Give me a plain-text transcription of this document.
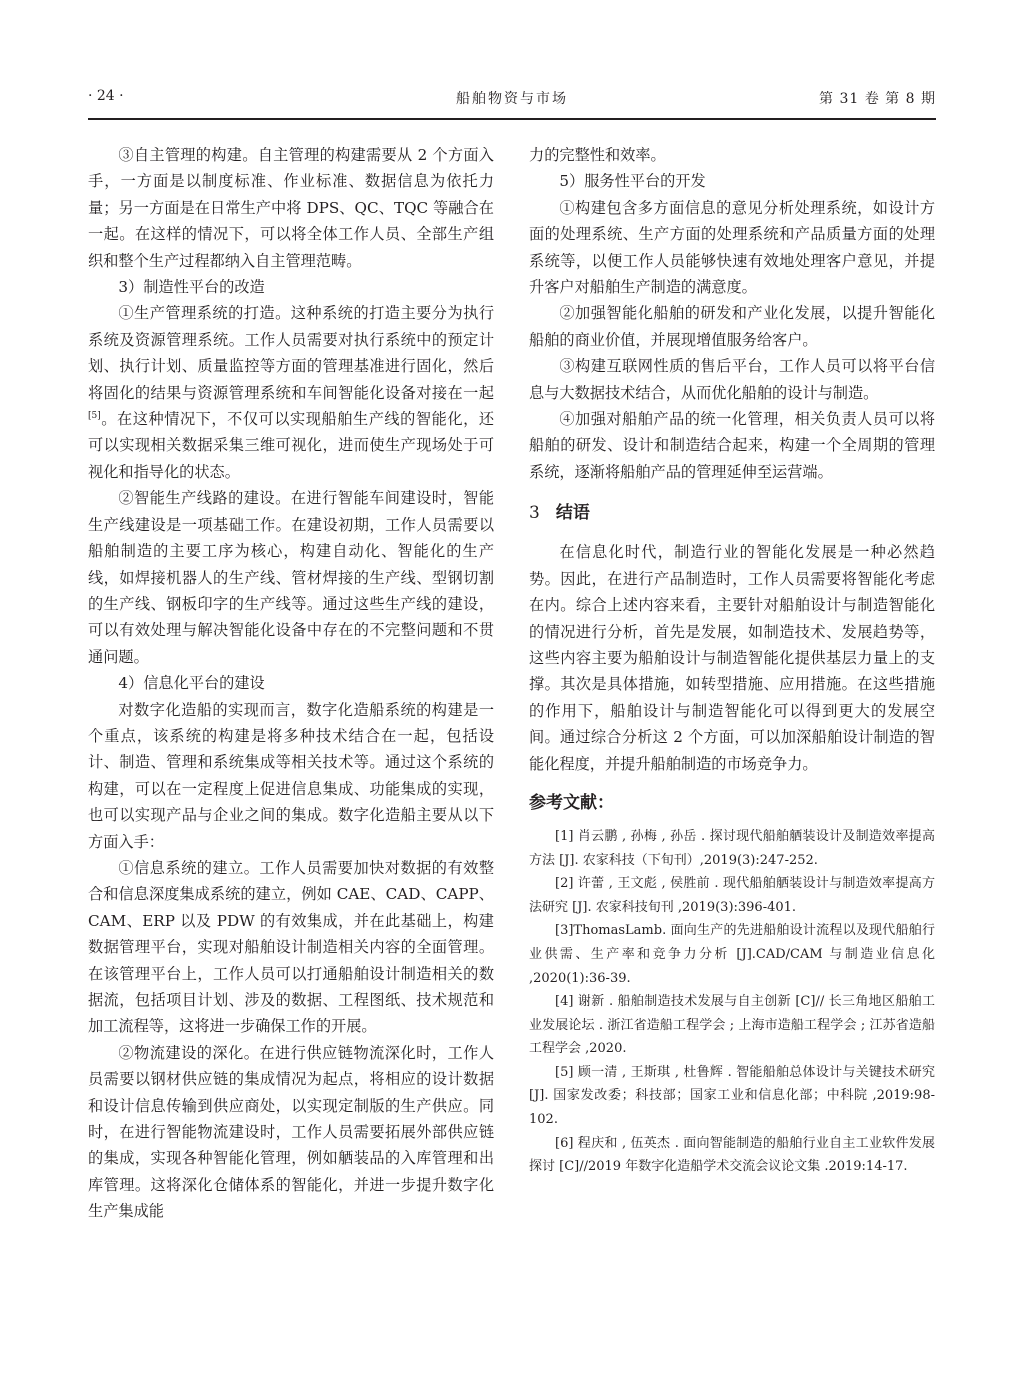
· 24 ·	船舶物资与市场	第 31 卷 第 8 期

③自主管理的构建。自主管理的构建需要从 2 个方面入手，一方面是以制度标准、作业标准、数据信息为依托力量；另一方面是在日常生产中将 DPS、QC、TQC 等融合在一起。在这样的情况下，可以将全体工作人员、全部生产组织和整个生产过程都纳入自主管理范畴。

3）制造性平台的改造

①生产管理系统的打造。这种系统的打造主要分为执行系统及资源管理系统。工作人员需要对执行系统中的预定计划、执行计划、质量监控等方面的管理基准进行固化，然后将固化的结果与资源管理系统和车间智能化设备对接在一起[5]。在这种情况下，不仅可以实现船舶生产线的智能化，还可以实现相关数据采集三维可视化，进而使生产现场处于可视化和指导化的状态。

②智能生产线路的建设。在进行智能车间建设时，智能生产线建设是一项基础工作。在建设初期，工作人员需要以船舶制造的主要工序为核心，构建自动化、智能化的生产线，如焊接机器人的生产线、管材焊接的生产线、型钢切割的生产线、钢板印字的生产线等。通过这些生产线的建设，可以有效处理与解决智能化设备中存在的不完整问题和不贯通问题。

4）信息化平台的建设

对数字化造船的实现而言，数字化造船系统的构建是一个重点，该系统的构建是将多种技术结合在一起，包括设计、制造、管理和系统集成等相关技术等。通过这个系统的构建，可以在一定程度上促进信息集成、功能集成的实现，也可以实现产品与企业之间的集成。数字化造船主要从以下方面入手：

①信息系统的建立。工作人员需要加快对数据的有效整合和信息深度集成系统的建立，例如 CAE、CAD、CAPP、CAM、ERP 以及 PDW 的有效集成，并在此基础上，构建数据管理平台，实现对船舶设计制造相关内容的全面管理。在该管理平台上，工作人员可以打通船舶设计制造相关的数据流，包括项目计划、涉及的数据、工程图纸、技术规范和加工流程等，这将进一步确保工作的开展。

②物流建设的深化。在进行供应链物流深化时，工作人员需要以钢材供应链的集成情况为起点，将相应的设计数据和设计信息传输到供应商处，以实现定制版的生产供应。同时，在进行智能物流建设时，工作人员需要拓展外部供应链的集成，实现各种智能化管理，例如舾装品的入库管理和出库管理。这将深化仓储体系的智能化，并进一步提升数字化生产集成能

力的完整性和效率。

5）服务性平台的开发

①构建包含多方面信息的意见分析处理系统，如设计方面的处理系统、生产方面的处理系统和产品质量方面的处理系统等，以便工作人员能够快速有效地处理客户意见，并提升客户对船舶生产制造的满意度。

②加强智能化船舶的研发和产业化发展，以提升智能化船舶的商业价值，并展现增值服务给客户。

③构建互联网性质的售后平台，工作人员可以将平台信息与大数据技术结合，从而优化船舶的设计与制造。

④加强对船舶产品的统一化管理，相关负责人员可以将船舶的研发、设计和制造结合起来，构建一个全周期的管理系统，逐渐将船舶产品的管理延伸至运营端。

3 结语

在信息化时代，制造行业的智能化发展是一种必然趋势。因此，在进行产品制造时，工作人员需要将智能化考虑在内。综合上述内容来看，主要针对船舶设计与制造智能化的情况进行分析，首先是发展，如制造技术、发展趋势等，这些内容主要为船舶设计与制造智能化提供基层力量上的支撑。其次是具体措施，如转型措施、应用措施。在这些措施的作用下，船舶设计与制造智能化可以得到更大的发展空间。通过综合分析这 2 个方面，可以加深船舶设计制造的智能化程度，并提升船舶制造的市场竞争力。

参考文献：

[1] 肖云鹏 , 孙梅 , 孙岳 . 探讨现代船舶舾装设计及制造效率提高方法 [J]. 农家科技（下旬刊）,2019(3):247-252.

[2] 许蕾 , 王文彪 , 侯胜前 . 现代船舶舾装设计与制造效率提高方法研究 [J]. 农家科技旬刊 ,2019(3):396-401.

[3]ThomasLamb. 面向生产的先进船舶设计流程以及现代船舶行业供需、生产率和竞争力分析 [J].CAD/CAM 与制造业信息化 ,2020(1):36-39.

[4] 谢新 . 船舶制造技术发展与自主创新 [C]// 长三角地区船舶工业发展论坛 . 浙江省造船工程学会 ; 上海市造船工程学会 ; 江苏省造船工程学会 ,2020.

[5] 顾一清 , 王斯琪 , 杜鲁辉 . 智能船舶总体设计与关键技术研究 [J]. 国家发改委；科技部；国家工业和信息化部；中科院 ,2019:98-102.

[6] 程庆和 , 伍英杰 . 面向智能制造的船舶行业自主工业软件发展探讨 [C]//2019 年数字化造船学术交流会议论文集 .2019:14-17.
